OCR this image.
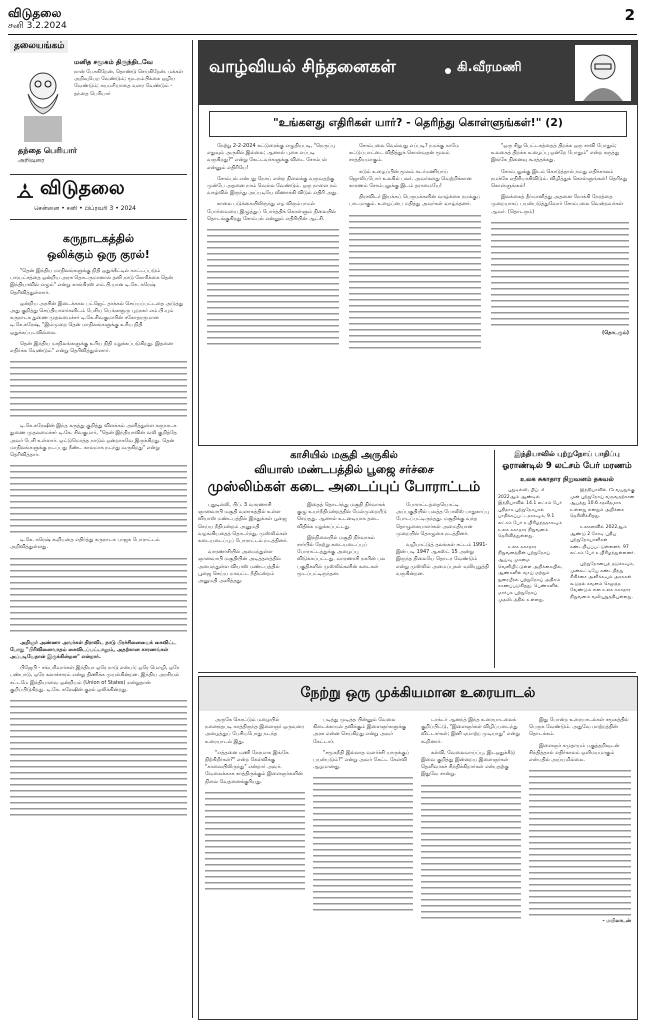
விடுதலை
சனி 3.2.2024
2
தலையங்கம்
மனித சமூகம் திருந்திடவே
நான் பேசுகிறேன், தொண்டு செய்கிறேன். மக்கள் அறிவுபெற வேண்டும்; மூடநம்பிக்கை ஒழிய வேண்டும்; சுயமரியாதை வளர வேண்டும் - தந்தை பெரியார்
தந்தை பெரியார்
அறிவுரை
விடுதலை
சென்னை • சனி • பிப்ரவரி 3 • 2024
கருநாடகத்தில்
ஒலிக்கும் ஒரு குரல்!

"தென் இந்திய மாநிலங்களுக்கு நிதி ஒதுக்கீட்டில் காட்டப்படும் பாரபட்சத்தை ஒன்றிய அரசு தொடருமானால் தனி நாடு கோரிக்கை தென் இந்தியாவில் எழும்" என்று காங்கிரஸ் எம்.பி.யான டி.கே. சுரேஷ் தெரிவித்துள்ளார்.

ஒன்றிய அரசின் இடைக்கால பட்ஜெட் தாக்கல் செய்யப்பட்டதை அடுத்து அது குறித்து செய்தியாளர்களிடம் பேசிய பெங்களூரு புறநகர் எம்.பி.யும் கருநாடக துணை முதலமைச்சர் டி.கே.சிவகுமாரின் சகோதரருமான டி.கே.சுரேஷ், "இம்முறை தென் மாநிலங்களுக்கு உரிய நிதி ஒதுக்கப்படவில்லை.

தென் இந்திய மாநிலங்களுக்கு உரிய நிதி மறுக்கப்படுகிறது. இதனை எதிர்க்க வேண்டும்" என்று தெரிவித்துள்ளார்.

டி.கே.சுரேஷின் இந்த கருத்து குறித்து விளக்கம் அளித்துள்ள கருநாடக துணை முதலமைச்சர் டி.கே. சிவகுமார், "தென் இந்தியாவின் வலி குறித்தே அவர் பேசி உள்ளார். ஒட்டுமொத்த நாடும் ஒன்றாகவே இருக்கிறது. தென் மாநிலங்களுக்கு நடப்பது நீண்ட காலமாக நடந்து வருகிறது" என்று தெரிவித்தார்.

டி.கே. சுரேஷ் கூறியதை எதிர்த்து கருநாடக பாஜக போராட்டம் அறிவித்துள்ளது.

அறிஞர் அண்ணா அவர்கள் திராவிட நாடு பிரச்சினையைக் கைவிட்ட போது "பிரிவினைவாதம் கைவிடப்பட்டாலும், அதற்கான காரணங்கள் அப்படியேதான் இருக்கின்றன" என்றார்.

பிஜேபி - சங்பரிவார்கள் இந்தியா ஒரே நாடு என்பர்; ஒரே மொழி, ஒரே பண்பாடு, ஒரே கலாச்சாரம் என்று திணிக்க முயல்கின்றன. இந்திய அரசியல் சட்டமே இந்தியாவை ஒன்றியம் (Union of States) என்றுதான் குறிப்பிடுகிறது. டி.கே. சுரேஷின் குரல் ஒலிக்கின்றது.

வாழ்வியல் சிந்தனைகள்	கி.வீரமணி
"உங்களது எதிரிகள் யார்? - தெரிந்து கொள்ளுங்கள்!" (2)

நேற்று 2-2-2024 கட்டுரைக்கு எழுதியபடி, "நெருப்பு எதுவும் அருகில் இல்லை; ஆனால் புகை எப்படி வருகிறது?" என்று கேட்டவர்களுக்கு விடை சோம்பல் என்னும் எதிரியே!

சோம்பல் என்பது நோய் என்ற நிலைக்கு வருவதற்கு முன்பே அதனை நாம் வெல்ல வேண்டும். ஒரு நாளை நம் வாழ்வில் இருந்து அப்படியே வீணாக்கி விடும் எதிரி அது.

காலை படுக்கையிலிருந்து எழ விரும்பாமல் போர்வையை இழுத்துப் போர்த்திக் கொள்ளும் நிலையில் தொடங்குகிறது சோம்பல் என்னும் எதிரியின் ஆட்சி.

சோம்பலை வெல்வது எப்படி? நமக்கு நாமே கட்டுப்பாட்டை விதித்துக் கொள்வதன் மூலம் சாத்தியமாகும்.

கடும் உழைப்பின் மூலம் சுடர்மணியாய் ஜொலிப்போர் உலகில் பலர். அவர்களது வெற்றிக்கான காரணம் சோம்பலுக்கு இடம் தராமையே!

திராவிடர் இயக்கப் பெருமக்களின் வாழ்க்கை நமக்குப் பாடமாகும். உழைப்பை மதித்து அவர்கள் வாழ்ந்தனர்.

"ஒரு சிறு பெட்டகத்தைத் திறக்க ஒரு சாவி போதும்; உலகைத் திறக்க உழைப்பு ஒன்றே போதும்" என்ற கருத்து இங்கே நினைவு கூரத்தக்கது.

சோம்பலுக்கு இடம் கொடுத்தால் நமது எதிர்காலம் நமக்கே எதிரியாகிவிடும். விழித்துக் கொள்ளுங்கள்! தெரிந்து கொள்ளுங்கள்!

இலக்கைத் தீர்மானித்து அதனை நோக்கி நேரத்தை முறையாகப் பயன்படுத்துவோர் சோம்பலை வென்றவர்கள் ஆவர். (தொடரும்)

(தொடரும்)
காசியில் மசூதி அருகில்
வியாஸ் மண்டபத்தில் பூஜை சர்ச்சை
முஸ்லிம்கள் கடை அடைப்புப் போராட்டம்

புதுடில்லி, பிப். 3 வாரணாசி ஞானவாபி மசூதி வளாகத்தில் உள்ள வியாஸ் மண்டபத்தில் இந்துக்கள் பூஜை செய்ய நீதிமன்றம் அனுமதி வழங்கியதைத் தொடர்ந்து, முஸ்லிம்கள் கடையடைப்புப் போராட்டம் நடத்தினர்.

வாரணாசியில் அமைந்துள்ள ஞானவாபி மசூதியின் அடித்தளத்தில் அமைந்துள்ள வியாஸ் மண்டபத்தில் பூஜை செய்ய மாவட்ட நீதிமன்றம் அனுமதி அளித்தது.

இதைத் தொடர்ந்து மசூதி நிர்வாகக் குழு உயர்நீதிமன்றத்தில் மேல்முறையீடு செய்தது. ஆனால் உடனடியாக தடை விதிக்க மறுக்கப்பட்டது.

இந்நிலையில் மசூதி நிர்வாகம் சார்பில் நேற்று கடையடைப்புப் போராட்டத்துக்கு அழைப்பு விடுக்கப்பட்டது. வாரணாசி நகரின் பல பகுதிகளில் முஸ்லிம்களின் கடைகள் மூடப்பட்டிருந்தன.

போராட்டத்தையொட்டி அப்பகுதியில் பலத்த போலீஸ் பாதுகாப்பு போடப்பட்டிருந்தது. மசூதிக்கு வந்த தொழுகையாளர்கள் அமைதியான முறையில் தொழுகை நடத்தினர்.

வழிபாட்டுத் தலங்கள் சட்டம் 1991-இன் படி 1947 ஆகஸ்ட் 15 அன்று இருந்த நிலையே தொடர வேண்டும் என்று முஸ்லிம் அமைப்புகள் வலியுறுத்தி வருகின்றன.

இந்தியாவில் புற்றுநோய் பாதிப்பு
ஓராண்டில் 9 லட்சம் பேர் மரணம்
உலக சுகாதார நிறுவனம் தகவல்

புதுடில்லி, பிப். 3 2022ஆம் ஆண்டில் இந்தியாவில் 14.1 லட்சம் பேர் புதிதாக புற்றுநோயால் பாதிக்கப்பட்டதாகவும், 9.1 லட்சம் பேர் உயிரிழந்ததாகவும் உலக சுகாதார நிறுவனம் தெரிவித்துள்ளது.

உலக சுகாதார நிறுவனத்தின் புற்றுநோய் ஆய்வு முகமை வெளியிட்டுள்ள அறிக்கையில், ஆண்களில் வாய் மற்றும் நுரையீரல் புற்றுநோய் அதிகம் காணப்படுகிறது. பெண்களில் மார்பக புற்றுநோய் முதலிடத்தில் உள்ளது.

இந்தியாவில் 75 வயதுக்கு முன் புற்றுநோய் வருவதற்கான ஆபத்து 10.6 சதவீதமாக உள்ளது என்றும் அறிக்கை தெரிவிக்கிறது.

உலகளவில் 2022ஆம் ஆண்டு 2 கோடி புதிய புற்றுநோயாளிகள் கண்டறியப்பட்டுள்ளனர். 97 லட்சம் பேர் உயிரிழந்துள்ளனர்.

புற்றுநோயைத் தடுக்கவும், முன்கூட்டியே கண்டறிந்து சிகிச்சை அளிக்கவும் அரசுகள் கூடுதல் கவனம் செலுத்த வேண்டும் என உலக சுகாதார நிறுவனம் வலியுறுத்தியுள்ளது.

நேற்று ஒரு முக்கியமான உரையாடல்

அருகே கொட்டும் மழையில் நனைந்தபடி காத்திருந்த இளைஞர் ஒருவரை அழைத்துப் பேசியபோது நடந்த உரையாடல் இது.

"எத்தனை மணி நேரமாக இங்கே நிற்கிறீர்கள்?" என்ற கேள்விக்கு "காலையிலிருந்து" என்றார் அவர். வேலைக்காக காத்திருக்கும் இளைஞர்களின் நிலை வேதனைக்குரியது.

படித்து முடித்த பின்னும் வேலை கிடைக்காமல் தவிக்கும் இளைஞர்களுக்கு அரசு என்ன செய்கிறது என்று அவர் கேட்டார்.

"சமூகநீதி இல்லாத வளர்ச்சி யாருக்குப் பயன்படும்?" என்று அவர் கேட்ட கேள்வி ஆழமானது.

டாக்டர் ஆனந்த் இந்த உரையாடலைக் குறிப்பிட்டு, "இளைஞர்கள் விழிப்படைந்து விட்டார்கள்; இனி ஏமாற்ற முடியாது" என்று கூறினார்.

கல்வி, வேலைவாய்ப்பு, இடஒதுக்கீடு இவை குறித்து இன்றைய இளைஞர்கள் தெளிவாகச் சிந்திக்கிறார்கள் என்பதற்கு இதுவே சான்று.

இது போன்ற உரையாடல்கள் சமூகத்தில் பெருக வேண்டும். அதுவே மாற்றத்தின் தொடக்கம்.

இளைஞர் சமுதாயம் பகுத்தறிவுடன் சிந்தித்தால் எதிர்காலம் ஒளிமயமாகும் என்பதில் அய்யமில்லை.

- மயிலாடன்
